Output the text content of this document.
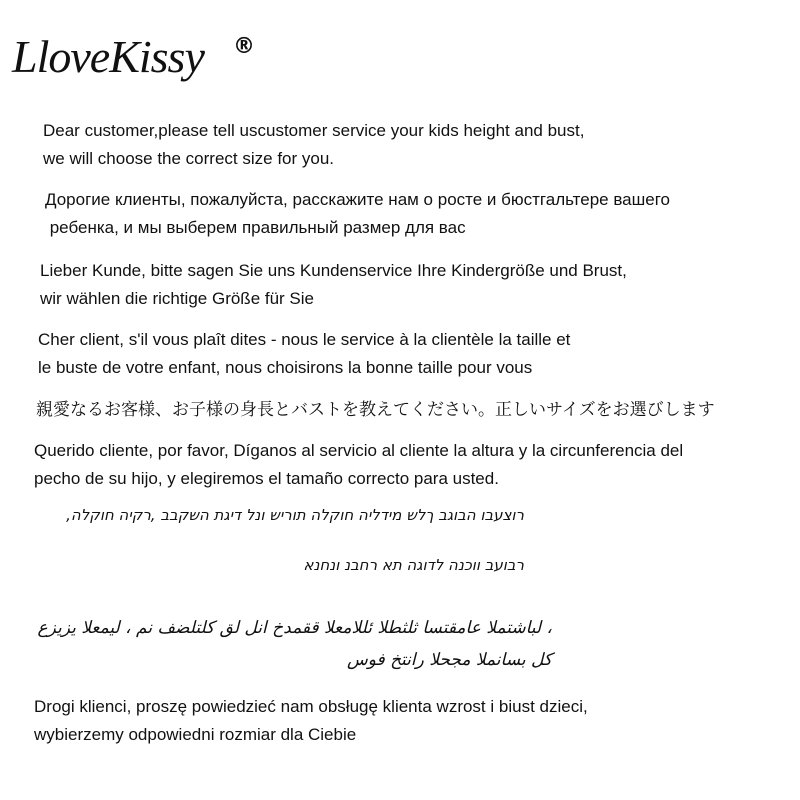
LloveKissy ®
Dear customer,please tell uscustomer service your kids height and bust,
we will choose the correct size for you.
Дорогие клиенты, пожалуйста, расскажите нам о росте и бюстгальтере вашего
ребенка, и мы выберем правильный размер для вас
Lieber Kunde, bitte sagen Sie uns Kundenservice Ihre Kindergröße und Brust,
wir wählen die richtige Größe für Sie
Cher client, s'il vous plaît dites - nous le service à la clientèle la taille et
le buste de votre enfant, nous choisirons la bonne taille pour vous
親愛なるお客様、お子様の身長とバストを教えてください。正しいサイズをお選びします
Querido cliente, por favor, Díganos al servicio al cliente la altura y la circunferencia del
pecho de su hijo, y elegiremos el tamaño correcto para usted.
רוצעבו הבוגב ךלש מידליה חוקלה תוריש ונל דיגת השקבב ,רקיה חוקלה,
רבועב ווכנה לדוגה תא רחבנ ונחנא
، لباشتملا عامقتسا ثلثطلا ئللامعلا ققمدخ انل لق كلتلضف نم ، ليمعلا يزيزع
كل بسانملا مجحلا رانتخ فوس
Drogi klienci, proszę powiedzieć nam obsługę klienta wzrost i biust dzieci,
wybierzemy odpowiedni rozmiar dla Ciebie
